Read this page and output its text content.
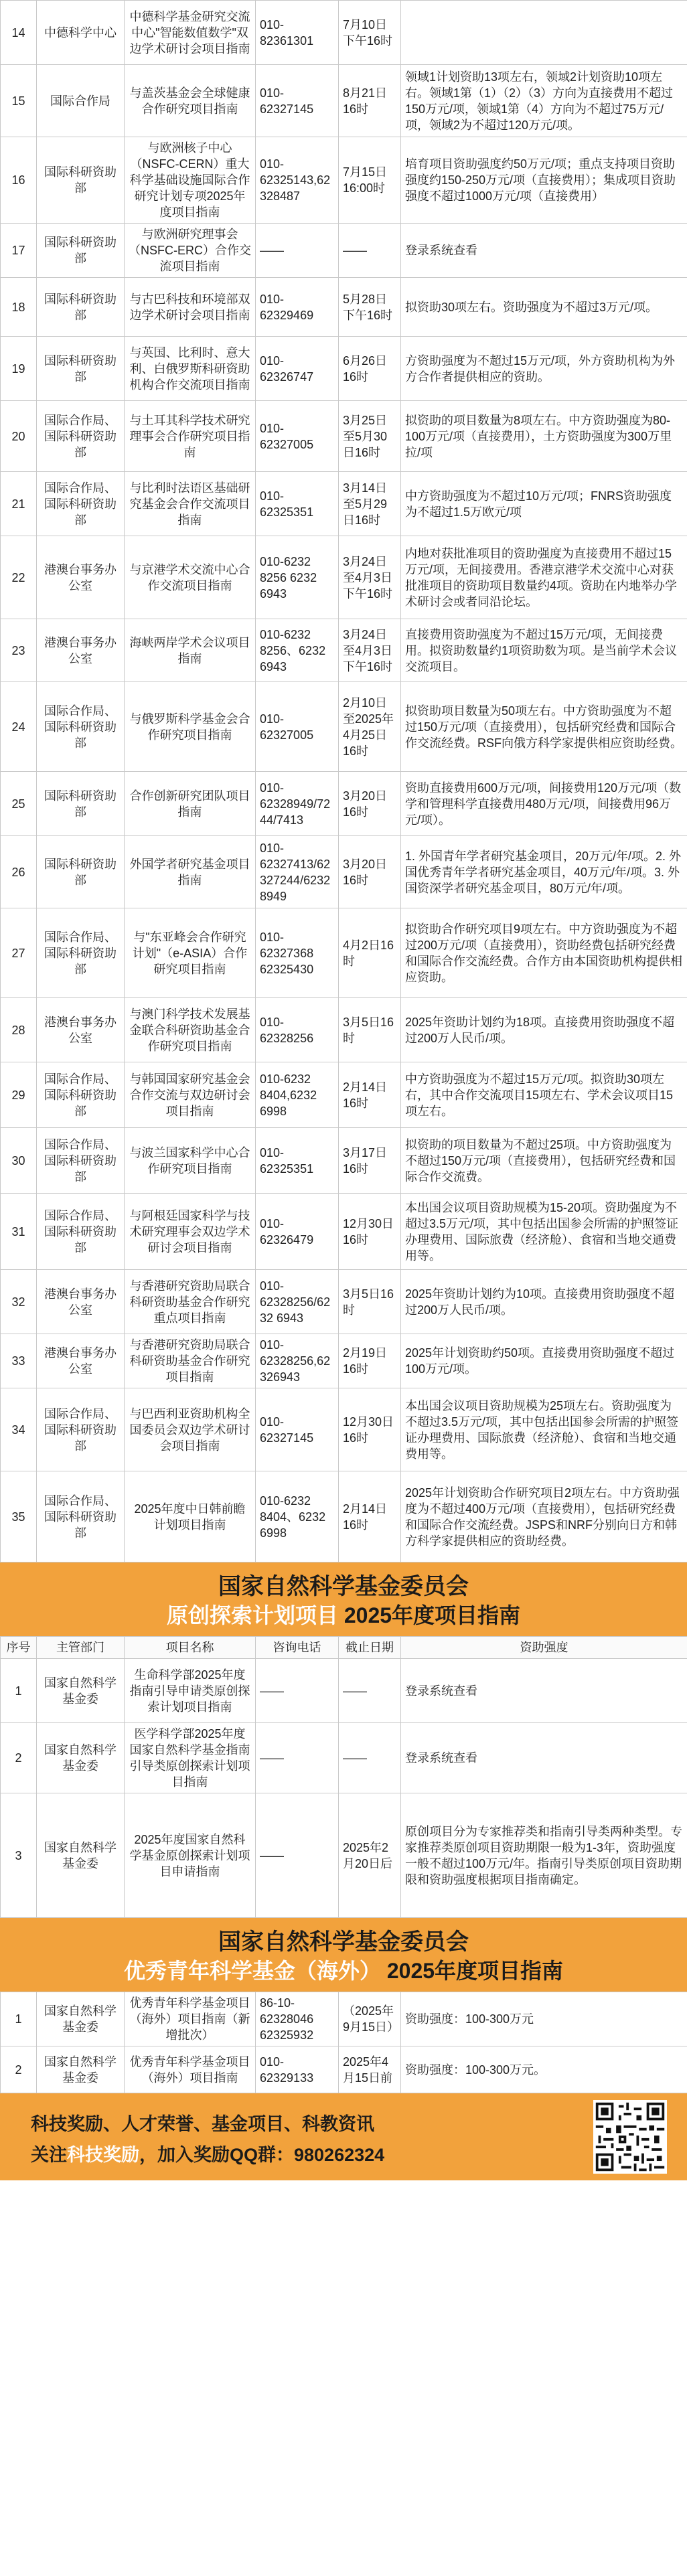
14	中德科学中心	中德科学基金研究交流中心"智能数值数学"双边学术研讨会项目指南	010-82361301	7月10日下午16时	
15	国际合作局	与盖茨基金会全球健康合作研究项目指南	010-62327145	8月21日16时	领域1计划资助13项左右，领域2计划资助10项左右。领域1第（1）（2）（3）方向为直接费用不超过150万元/项，领域1第（4）方向为不超过75万元/项，领域2为不超过120万元/项。
16	国际科研资助部	与欧洲核子中心（NSFC-CERN）重大科学基础设施国际合作研究计划专项2025年度项目指南	010-62325143,62328487	7月15日16:00时	培育项目资助强度约50万元/项；重点支持项目资助强度约150-250万元/项（直接费用）；集成项目资助强度不超过1000万元/项（直接费用）
17	国际科研资助部	与欧洲研究理事会（NSFC-ERC）合作交流项目指南	——	——	登录系统查看
18	国际科研资助部	与古巴科技和环境部双边学术研讨会项目指南	010-62329469	5月28日下午16时	拟资助30项左右。资助强度为不超过3万元/项。
19	国际科研资助部	与英国、比利时、意大利、白俄罗斯科研资助机构合作交流项目指南	010-62326747	6月26日16时	方资助强度为不超过15万元/项，外方资助机构为外方合作者提供相应的资助。
20	国际合作局、国际科研资助部	与土耳其科学技术研究理事会合作研究项目指南	010-62327005	3月25日至5月30日16时	拟资助的项目数量为8项左右。中方资助强度为80-100万元/项（直接费用），土方资助强度为300万里拉/项
21	国际合作局、国际科研资助部	与比利时法语区基础研究基金会合作交流项目指南	010-62325351	3月14日至5月29日16时	中方资助强度为不超过10万元/项；FNRS资助强度为不超过1.5万欧元/项
22	港澳台事务办公室	与京港学术交流中心合作交流项目指南	010-6232 8256 6232 6943	3月24日至4月3日下午16时	内地对获批准项目的资助强度为直接费用不超过15万元/项，无间接费用。香港京港学术交流中心对获批准项目的资助项目数量约4项。资助在内地举办学术研讨会或者同沿论坛。
23	港澳台事务办公室	海峡两岸学术会议项目指南	010-6232 8256、6232 6943	3月24日至4月3日下午16时	直接费用资助强度为不超过15万元/项，无间接费用。拟资助数量约1项资助数为项。是当前学术会议交流项目。
24	国际合作局、国际科研资助部	与俄罗斯科学基金会合作研究项目指南	010-62327005	2月10日至2025年4月25日16时	拟资助项目数量为50项左右。中方资助强度为不超过150万元/项（直接费用），包括研究经费和国际合作交流经费。RSF向俄方科学家提供相应资助经费。
25	国际科研资助部	合作创新研究团队项目指南	010-62328949/7244/7413	3月20日16时	资助直接费用600万元/项，间接费用120万元/项（数学和管理科学直接费用480万元/项，间接费用96万元/项）。
26	国际科研资助部	外国学者研究基金项目指南	010-62327413/62327244/62328949	3月20日16时	1. 外国青年学者研究基金项目，20万元/年/项。2. 外国优秀青年学者研究基金项目，40万元/年/项。3. 外国资深学者研究基金项目，80万元/年/项。
27	国际合作局、国际科研资助部	与"东亚峰会合作研究计划"（e-ASIA）合作研究项目指南	010-62327368 62325430	4月2日16时	拟资助合作研究项目9项左右。中方资助强度为不超过200万元/项（直接费用），资助经费包括研究经费和国际合作交流经费。合作方由本国资助机构提供相应资助。
28	港澳台事务办公室	与澳门科学技术发展基金联合科研资助基金合作研究项目指南	010-62328256	3月5日16时	2025年资助计划约为18项。直接费用资助强度不超过200万人民币/项。
29	国际合作局、国际科研资助部	与韩国国家研究基金会合作交流与双边研讨会项目指南	010-6232 8404,6232 6998	2月14日16时	中方资助强度为不超过15万元/项。拟资助30项左右，其中合作交流项目15项左右、学术会议项目15项左右。
30	国际合作局、国际科研资助部	与波兰国家科学中心合作研究项目指南	010-62325351	3月17日16时	拟资助的项目数量为不超过25项。中方资助强度为不超过150万元/项（直接费用），包括研究经费和国际合作交流费。
31	国际合作局、国际科研资助部	与阿根廷国家科学与技术研究理事会双边学术研讨会项目指南	010-62326479	12月30日16时	本出国会议项目资助规模为15-20项。资助强度为不超过3.5万元/项，其中包括出国参会所需的护照签证办理费用、国际旅费（经济舱）、食宿和当地交通费用等。
32	港澳台事务办公室	与香港研究资助局联合科研资助基金合作研究重点项目指南	010-62328256/6232 6943	3月5日16时	2025年资助计划约为10项。直接费用资助强度不超过200万人民币/项。
33	港澳台事务办公室	与香港研究资助局联合科研资助基金合作研究项目指南	010-62328256,62326943	2月19日16时	2025年计划资助约50项。直接费用资助强度不超过100万元/项。
34	国际合作局、国际科研资助部	与巴西利亚资助机构全国委员会双边学术研讨会项目指南	010-62327145	12月30日16时	本出国会议项目资助规模为25项左右。资助强度为不超过3.5万元/项，其中包括出国参会所需的护照签证办理费用、国际旅费（经济舱）、食宿和当地交通费用等。
35	国际合作局、国际科研资助部	2025年度中日韩前瞻计划项目指南	010-6232 8404、6232 6998	2月14日16时	2025年计划资助合作研究项目2项左右。中方资助强度为不超过400万元/项（直接费用），包括研究经费和国际合作交流经费。JSPS和NRF分别向日方和韩方科学家提供相应的资助经费。
国家自然科学基金委员会
原创探索计划项目 2025年度项目指南
序号	主管部门	项目名称	咨询电话	截止日期	资助强度
1	国家自然科学基金委	生命科学部2025年度指南引导申请类原创探索计划项目指南	——	——	登录系统查看
2	国家自然科学基金委	医学科学部2025年度国家自然科学基金指南引导类原创探索计划项目指南	——	——	登录系统查看
3	国家自然科学基金委	2025年度国家自然科学基金原创探索计划项目申请指南	——	2025年2月20日后	原创项目分为专家推荐类和指南引导类两种类型。专家推荐类原创项目资助期限一般为1-3年，资助强度一般不超过100万元/年。指南引导类原创项目资助期限和资助强度根据项目指南确定。
国家自然科学基金委员会
优秀青年科学基金（海外） 2025年度项目指南
1	国家自然科学基金委	优秀青年科学基金项目（海外）项目指南（新增批次）	86-10-62328046 62325932	（2025年9月15日）	资助强度：100-300万元
2	国家自然科学基金委	优秀青年科学基金项目（海外）项目指南	010-62329133	2025年4月15日前	资助强度：100-300万元。
科技奖励、人才荣誉、基金项目、科教资讯
关注科技奖励，加入奖励QQ群：980262324
